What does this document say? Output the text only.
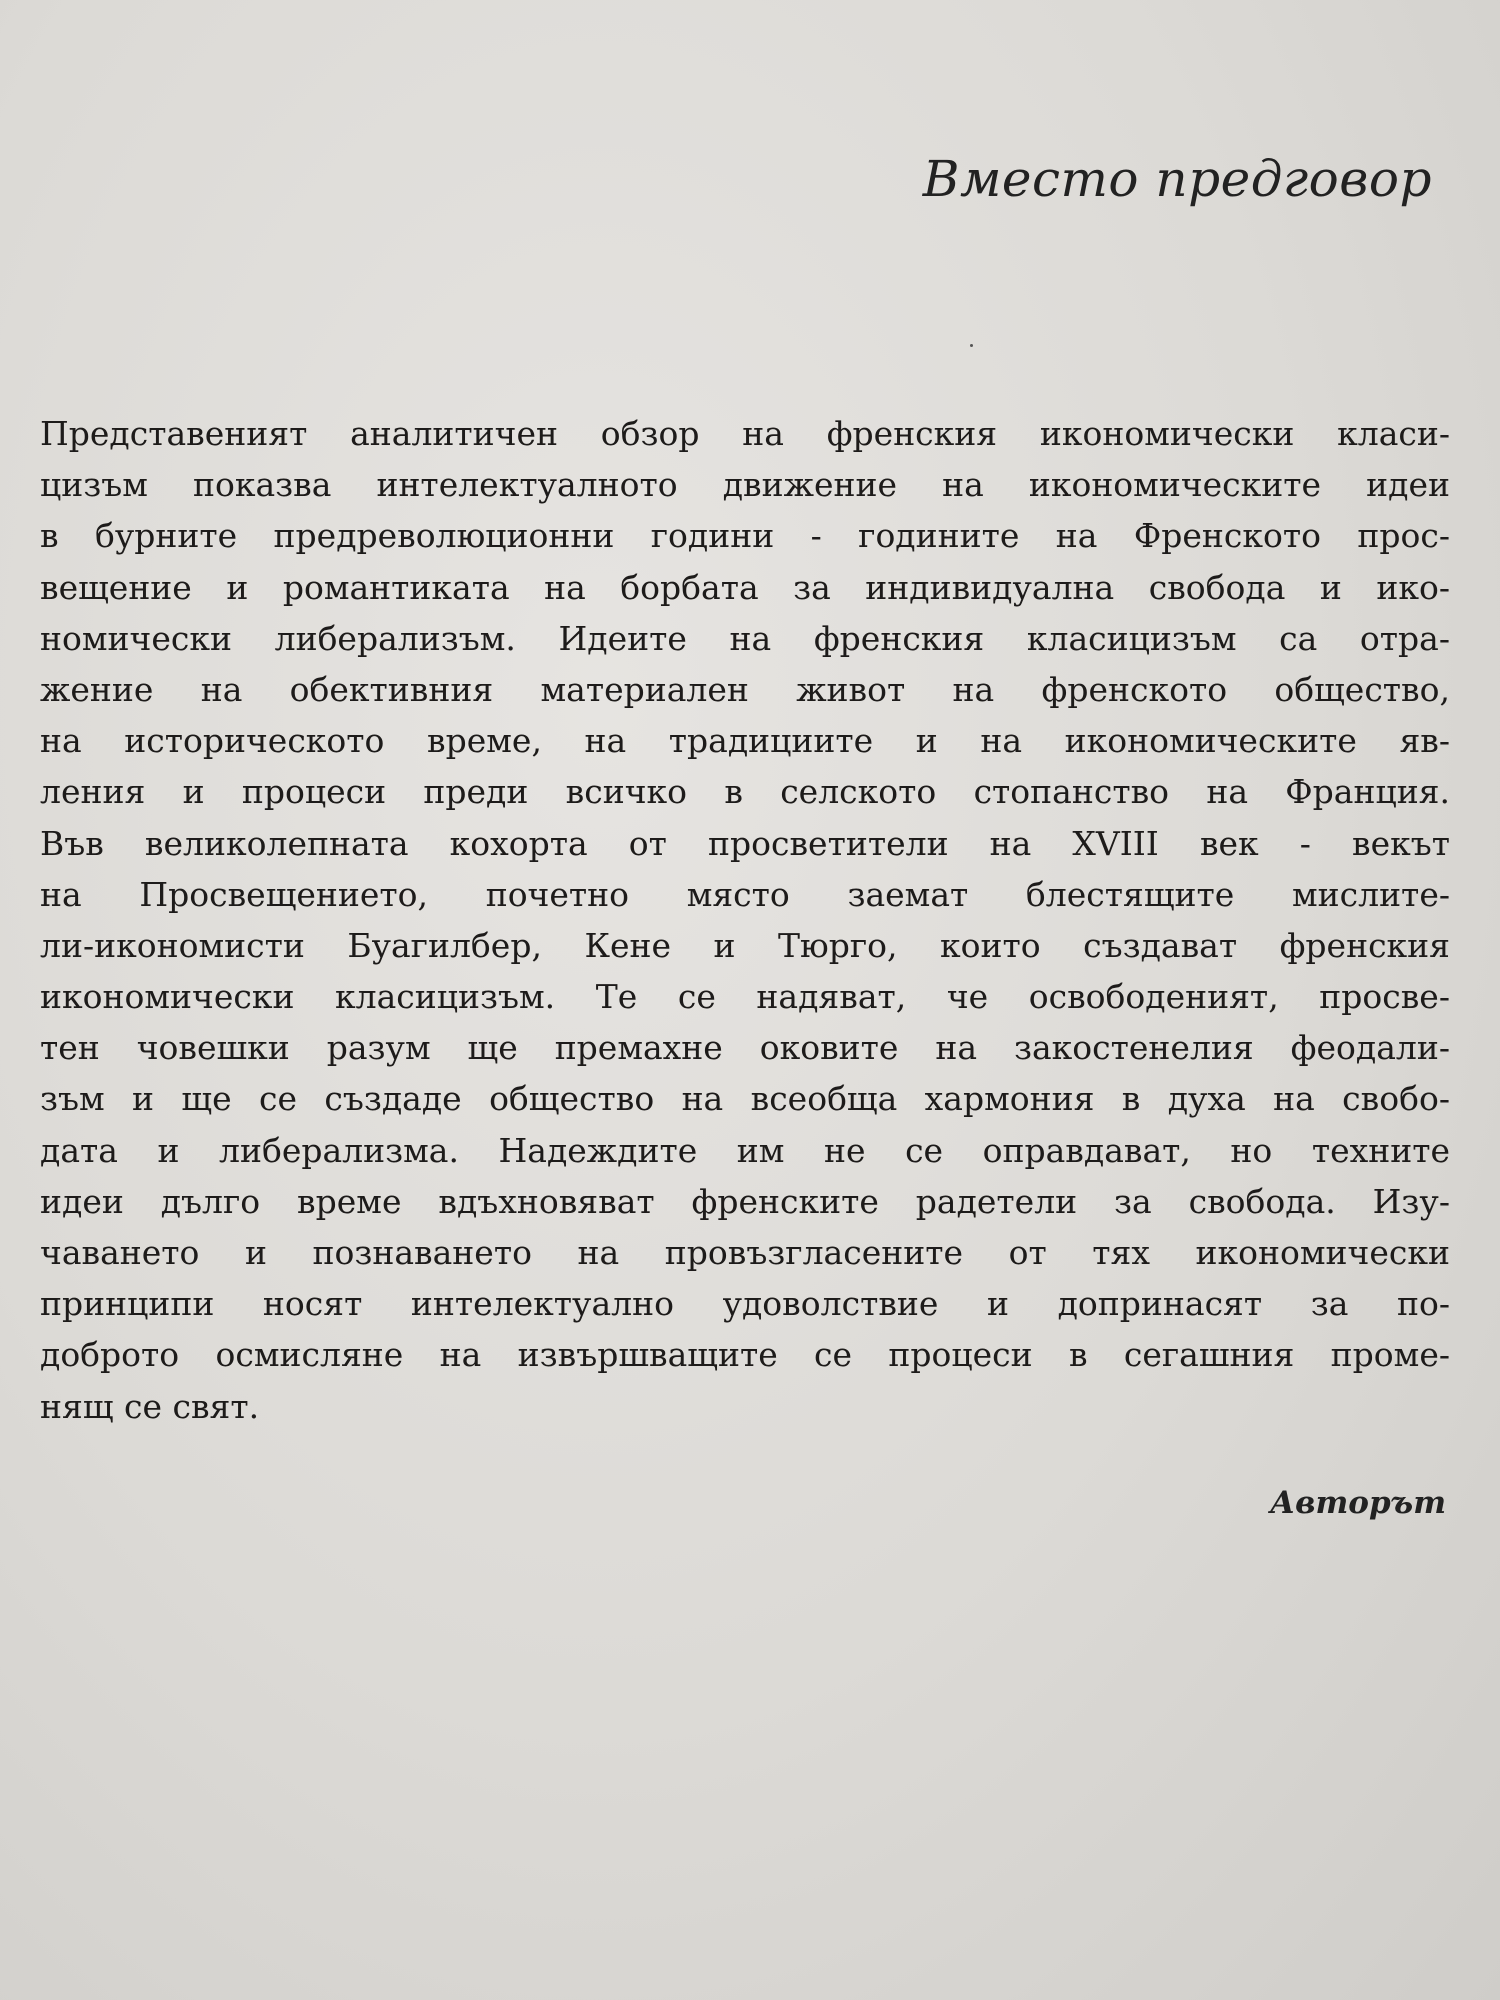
Вместо предговор
Представеният аналитичен обзор на френския икономически класи-
цизъм показва интелектуалното движение на икономическите идеи
в бурните предреволюционни години - годините на Френското прос-
вещение и романтиката на борбата за индивидуална свобода и ико-
номически либерализъм. Идеите на френския класицизъм са отра-
жение на обективния материален живот на френското общество,
на историческото време, на традициите и на икономическите яв-
ления и процеси преди всичко в селското стопанство на Франция.
Във великолепната кохорта от просветители на XVIII век - векът
на Просвещението, почетно място заемат блестящите мислите-
ли-икономисти Буагилбер, Кене и Тюрго, които създават френския
икономически класицизъм. Те се надяват, че освободеният, просве-
тен човешки разум ще премахне оковите на закостенелия феодали-
зъм и ще се създаде общество на всеобща хармония в духа на свобо-
дата и либерализма. Надеждите им не се оправдават, но техните
идеи дълго време вдъхновяват френските радетели за свобода. Изу-
чаването и познаването на провъзгласените от тях икономически
принципи носят интелектуално удоволствие и допринасят за по-
доброто осмисляне на извършващите се процеси в сегашния проме-
нящ се свят.

Авторът
